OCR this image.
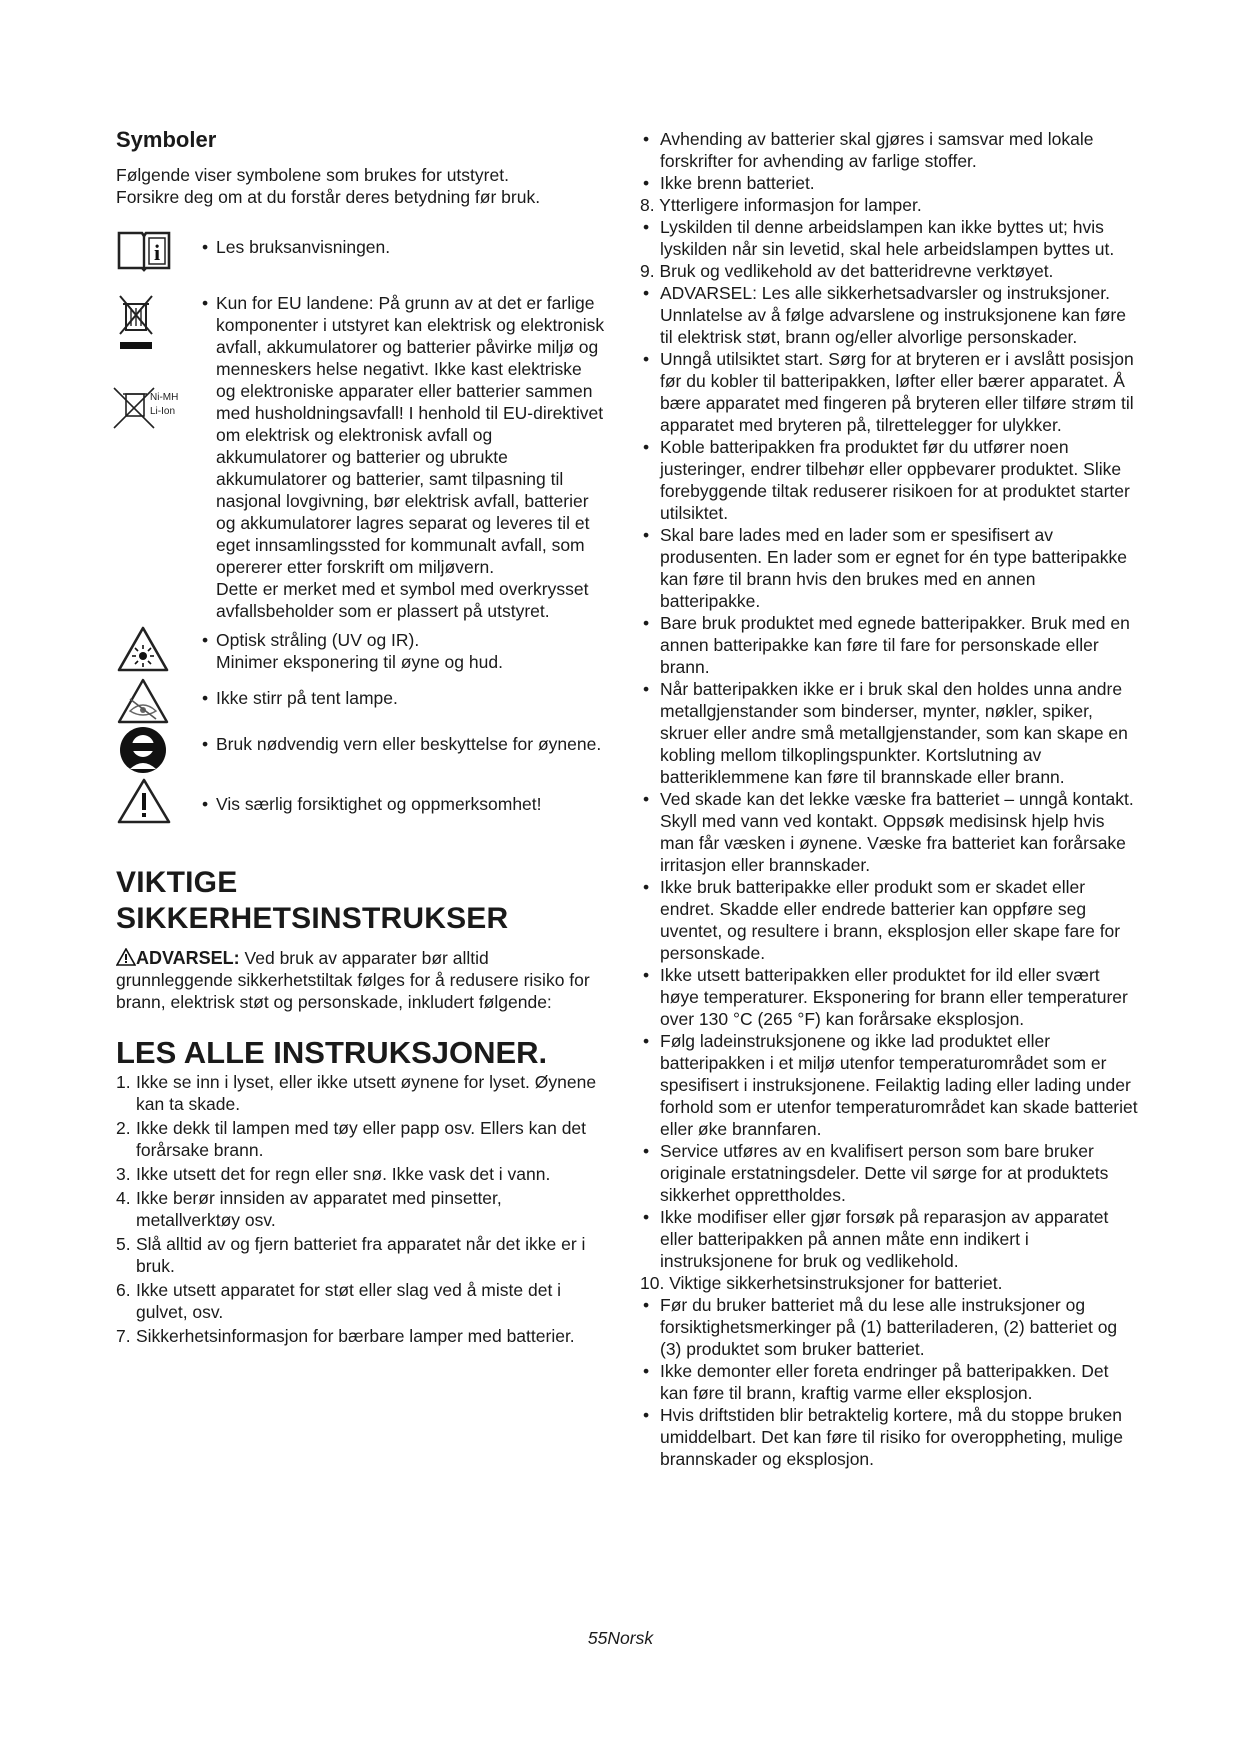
Symboler

Følgende viser symbolene som brukes for utstyret.

Forsikre deg om at du forstår deres betydning før bruk.

i • Les bruksanvisningen.
Ni-MH
Li-Ion
• Kun for EU landene: På grunn av at det er farlige komponenter i utstyret kan elektrisk og elektronisk avfall, akkumulatorer og batterier påvirke miljø og menneskers helse negativt. Ikke kast elektriske og elektroniske apparater eller batterier sammen med husholdningsavfall! I henhold til EU-direktivet om elektrisk og elektronisk avfall og akkumulatorer og batterier og ubrukte akkumulatorer og batterier, samt tilpasning til nasjonal lovgivning, bør elektrisk avfall, batterier og akkumulatorer lagres separat og leveres til et eget innsamlingssted for kommunalt avfall, som opererer etter forskrift om miljøvern.
Dette er merket med et symbol med overkrysset avfallsbeholder som er plassert på utstyret.
• Optisk stråling (UV og IR).
Minimer eksponering til øyne og hud.
• Ikke stirr på tent lampe.
• Bruk nødvendig vern eller beskyttelse for øynene.
• Vis særlig forsiktighet og oppmerksomhet!
VIKTIGE
SIKKERHETSINSTRUKSER

ADVARSEL: Ved bruk av apparater bør alltid grunnleggende sikkerhetstiltak følges for å redusere risiko for brann, elektrisk støt og personskade, inkludert følgende:

LES ALLE INSTRUKSJONER.
1. Ikke se inn i lyset, eller ikke utsett øynene for lyset. Øynene kan ta skade.
2. Ikke dekk til lampen med tøy eller papp osv. Ellers kan det forårsake brann.
3. Ikke utsett det for regn eller snø. Ikke vask det i vann.
4. Ikke berør innsiden av apparatet med pinsetter, metallverktøy osv.
5. Slå alltid av og fjern batteriet fra apparatet når det ikke er i bruk.
6. Ikke utsett apparatet for støt eller slag ved å miste det i gulvet, osv.
7. Sikkerhetsinformasjon for bærbare lamper med batterier.
• Avhending av batterier skal gjøres i samsvar med lokale forskrifter for avhending av farlige stoffer.
• Ikke brenn batteriet.
8. Ytterligere informasjon for lamper.
• Lyskilden til denne arbeidslampen kan ikke byttes ut; hvis lyskilden når sin levetid, skal hele arbeidslampen byttes ut.
9. Bruk og vedlikehold av det batteridrevne verktøyet.
• ADVARSEL: Les alle sikkerhetsadvarsler og instruksjoner. Unnlatelse av å følge advarslene og instruksjonene kan føre til elektrisk støt, brann og/eller alvorlige personskader.
• Unngå utilsiktet start. Sørg for at bryteren er i avslått posisjon før du kobler til batteripakken, løfter eller bærer apparatet. Å bære apparatet med fingeren på bryteren eller tilføre strøm til apparatet med bryteren på, tilrettelegger for ulykker.
• Koble batteripakken fra produktet før du utfører noen justeringer, endrer tilbehør eller oppbevarer produktet. Slike forebyggende tiltak reduserer risikoen for at produktet starter utilsiktet.
• Skal bare lades med en lader som er spesifisert av produsenten. En lader som er egnet for én type batteripakke kan føre til brann hvis den brukes med en annen batteripakke.
• Bare bruk produktet med egnede batteripakker. Bruk med en annen batteripakke kan føre til fare for personskade eller brann.
• Når batteripakken ikke er i bruk skal den holdes unna andre metallgjenstander som binderser, mynter, nøkler, spiker, skruer eller andre små metallgjenstander, som kan skape en kobling mellom tilkoplingspunkter. Kortslutning av batteriklemmene kan føre til brannskade eller brann.
• Ved skade kan det lekke væske fra batteriet – unngå kontakt. Skyll med vann ved kontakt. Oppsøk medisinsk hjelp hvis man får væsken i øynene. Væske fra batteriet kan forårsake irritasjon eller brannskader.
• Ikke bruk batteripakke eller produkt som er skadet eller endret. Skadde eller endrede batterier kan oppføre seg uventet, og resultere i brann, eksplosjon eller skape fare for personskade.
• Ikke utsett batteripakken eller produktet for ild eller svært høye temperaturer. Eksponering for brann eller temperaturer over 130 °C (265 °F) kan forårsake eksplosjon.
• Følg ladeinstruksjonene og ikke lad produktet eller batteripakken i et miljø utenfor temperaturområdet som er spesifisert i instruksjonene. Feilaktig lading eller lading under forhold som er utenfor temperaturområdet kan skade batteriet eller øke brannfaren.
• Service utføres av en kvalifisert person som bare bruker originale erstatningsdeler. Dette vil sørge for at produktets sikkerhet opprettholdes.
• Ikke modifiser eller gjør forsøk på reparasjon av apparatet eller batteripakken på annen måte enn indikert i instruksjonene for bruk og vedlikehold.
10. Viktige sikkerhetsinstruksjoner for batteriet.
• Før du bruker batteriet må du lese alle instruksjoner og forsiktighetsmerkinger på (1) batteriladeren, (2) batteriet og (3) produktet som bruker batteriet.
• Ikke demonter eller foreta endringer på batteripakken. Det kan føre til brann, kraftig varme eller eksplosjon.
• Hvis driftstiden blir betraktelig kortere, må du stoppe bruken umiddelbart. Det kan føre til risiko for overoppheting, mulige brannskader og eksplosjon.
55Norsk
